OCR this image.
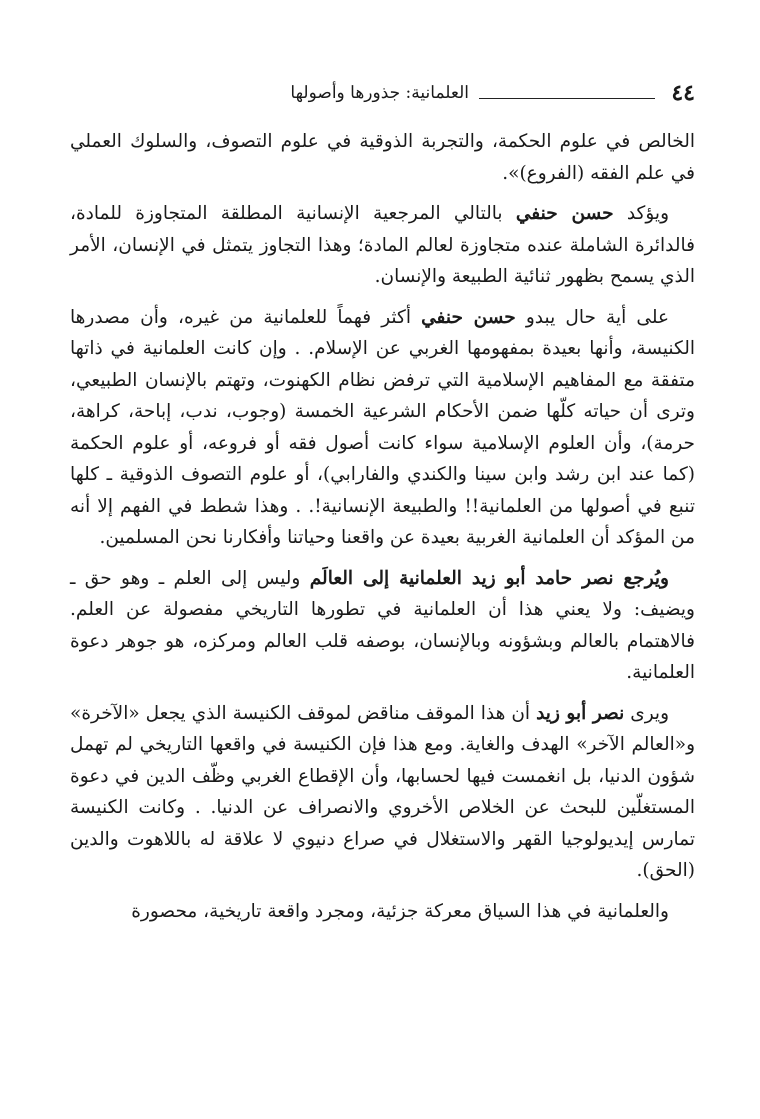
٤٤
العلمانية: جذورها وأصولها

الخالص في علوم الحكمة، والتجربة الذوقية في علوم التصوف، والسلوك العملي في علم الفقه (الفروع)».

ويؤكد حسن حنفي بالتالي المرجعية الإنسانية المطلقة المتجاوزة للمادة، فالدائرة الشاملة عنده متجاوزة لعالم المادة؛ وهذا التجاوز يتمثل في الإنسان، الأمر الذي يسمح بظهور ثنائية الطبيعة والإنسان.

على أية حال يبدو حسن حنفي أكثر فهماً للعلمانية من غيره، وأن مصدرها الكنيسة، وأنها بعيدة بمفهومها الغربي عن الإسلام. . وإن كانت العلمانية في ذاتها متفقة مع المفاهيم الإسلامية التي ترفض نظام الكهنوت، وتهتم بالإنسان الطبيعي، وترى أن حياته كلّها ضمن الأحكام الشرعية الخمسة (وجوب، ندب، إباحة، كراهة، حرمة)، وأن العلوم الإسلامية سواء كانت أصول فقه أو فروعه، أو علوم الحكمة (كما عند ابن رشد وابن سينا والكندي والفارابي)، أو علوم التصوف الذوقية ـ كلها تنبع في أصولها من العلمانية!! والطبيعة الإنسانية!. . وهذا شطط في الفهم إلا أنه من المؤكد أن العلمانية الغربية بعيدة عن واقعنا وحياتنا وأفكارنا نحن المسلمين.

ويُرجع نصر حامد أبو زيد العلمانية إلى العالَم وليس إلى العلم ـ وهو حق ـ ويضيف: ولا يعني هذا أن العلمانية في تطورها التاريخي مفصولة عن العلم. فالاهتمام بالعالم وبشؤونه وبالإنسان، بوصفه قلب العالم ومركزه، هو جوهر دعوة العلمانية.

ويرى نصر أبو زيد أن هذا الموقف مناقض لموقف الكنيسة الذي يجعل «الآخرة» و«العالم الآخر» الهدف والغاية. ومع هذا فإن الكنيسة في واقعها التاريخي لم تهمل شؤون الدنيا، بل انغمست فيها لحسابها، وأن الإقطاع الغربي وظّف الدين في دعوة المستغلّين للبحث عن الخلاص الأخروي والانصراف عن الدنيا. . وكانت الكنيسة تمارس إيديولوجيا القهر والاستغلال في صراع دنيوي لا علاقة له باللاهوت والدين (الحق).

والعلمانية في هذا السياق معركة جزئية، ومجرد واقعة تاريخية، محصورة
